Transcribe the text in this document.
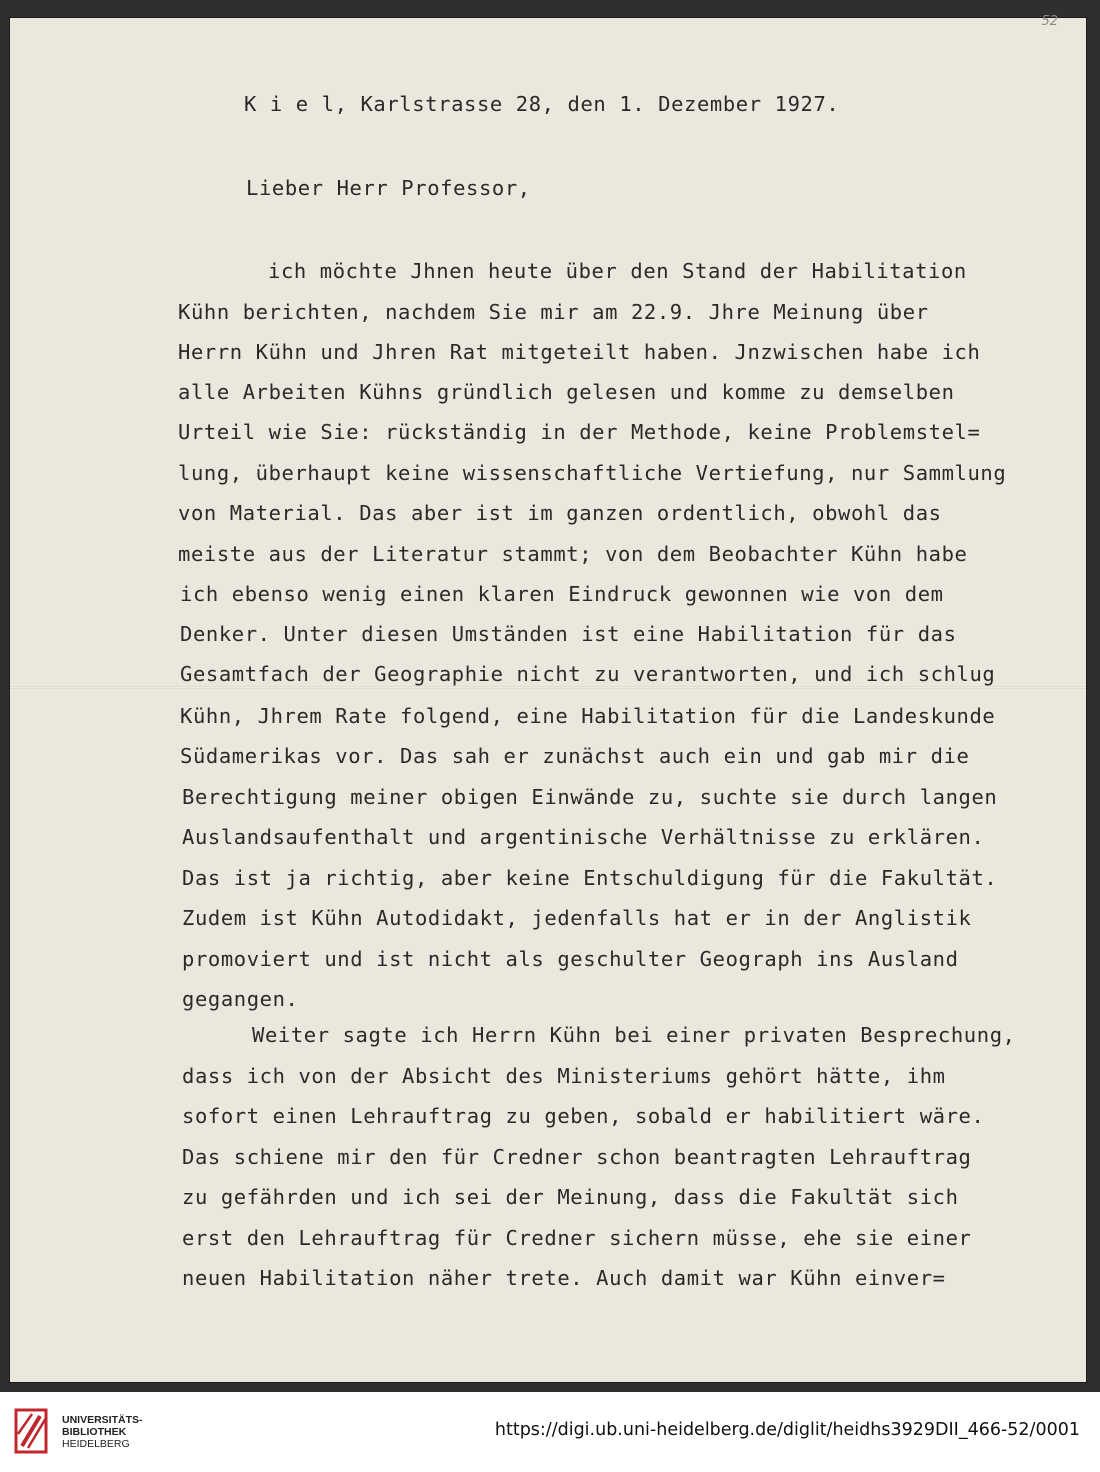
52
K i e l, Karlstrasse 28, den 1. Dezember 1927.
Lieber Herr Professor,
ich möchte Jhnen heute über den Stand der Habilitation
Kühn berichten, nachdem Sie mir am 22.9. Jhre Meinung über
Herrn Kühn und Jhren Rat mitgeteilt haben. Jnzwischen habe ich
alle Arbeiten Kühns gründlich gelesen und komme zu demselben
Urteil wie Sie: rückständig in der Methode, keine Problemstel=
lung, überhaupt keine wissenschaftliche Vertiefung, nur Sammlung
von Material. Das aber ist im ganzen ordentlich, obwohl das
meiste aus der Literatur stammt; von dem Beobachter Kühn habe
ich ebenso wenig einen klaren Eindruck gewonnen wie von dem
Denker. Unter diesen Umständen ist eine Habilitation für das
Gesamtfach der Geographie nicht zu verantworten, und ich schlug
Kühn, Jhrem Rate folgend, eine Habilitation für die Landeskunde
Südamerikas vor. Das sah er zunächst auch ein und gab mir die
Berechtigung meiner obigen Einwände zu, suchte sie durch langen
Auslandsaufenthalt und argentinische Verhältnisse zu erklären.
Das ist ja richtig, aber keine Entschuldigung für die Fakultät.
Zudem ist Kühn Autodidakt, jedenfalls hat er in der Anglistik
promoviert und ist nicht als geschulter Geograph ins Ausland
gegangen.
Weiter sagte ich Herrn Kühn bei einer privaten Besprechung,
dass ich von der Absicht des Ministeriums gehört hätte, ihm
sofort einen Lehrauftrag zu geben, sobald er habilitiert wäre.
Das schiene mir den für Credner schon beantragten Lehrauftrag
zu gefährden und ich sei der Meinung, dass die Fakultät sich
erst den Lehrauftrag für Credner sichern müsse, ehe sie einer
neuen Habilitation näher trete. Auch damit war Kühn einver=
UNIVERSITÄTS-
BIBLIOTHEK
HEIDELBERG
https://digi.ub.uni-heidelberg.de/diglit/heidhs3929DII_466-52/0001
